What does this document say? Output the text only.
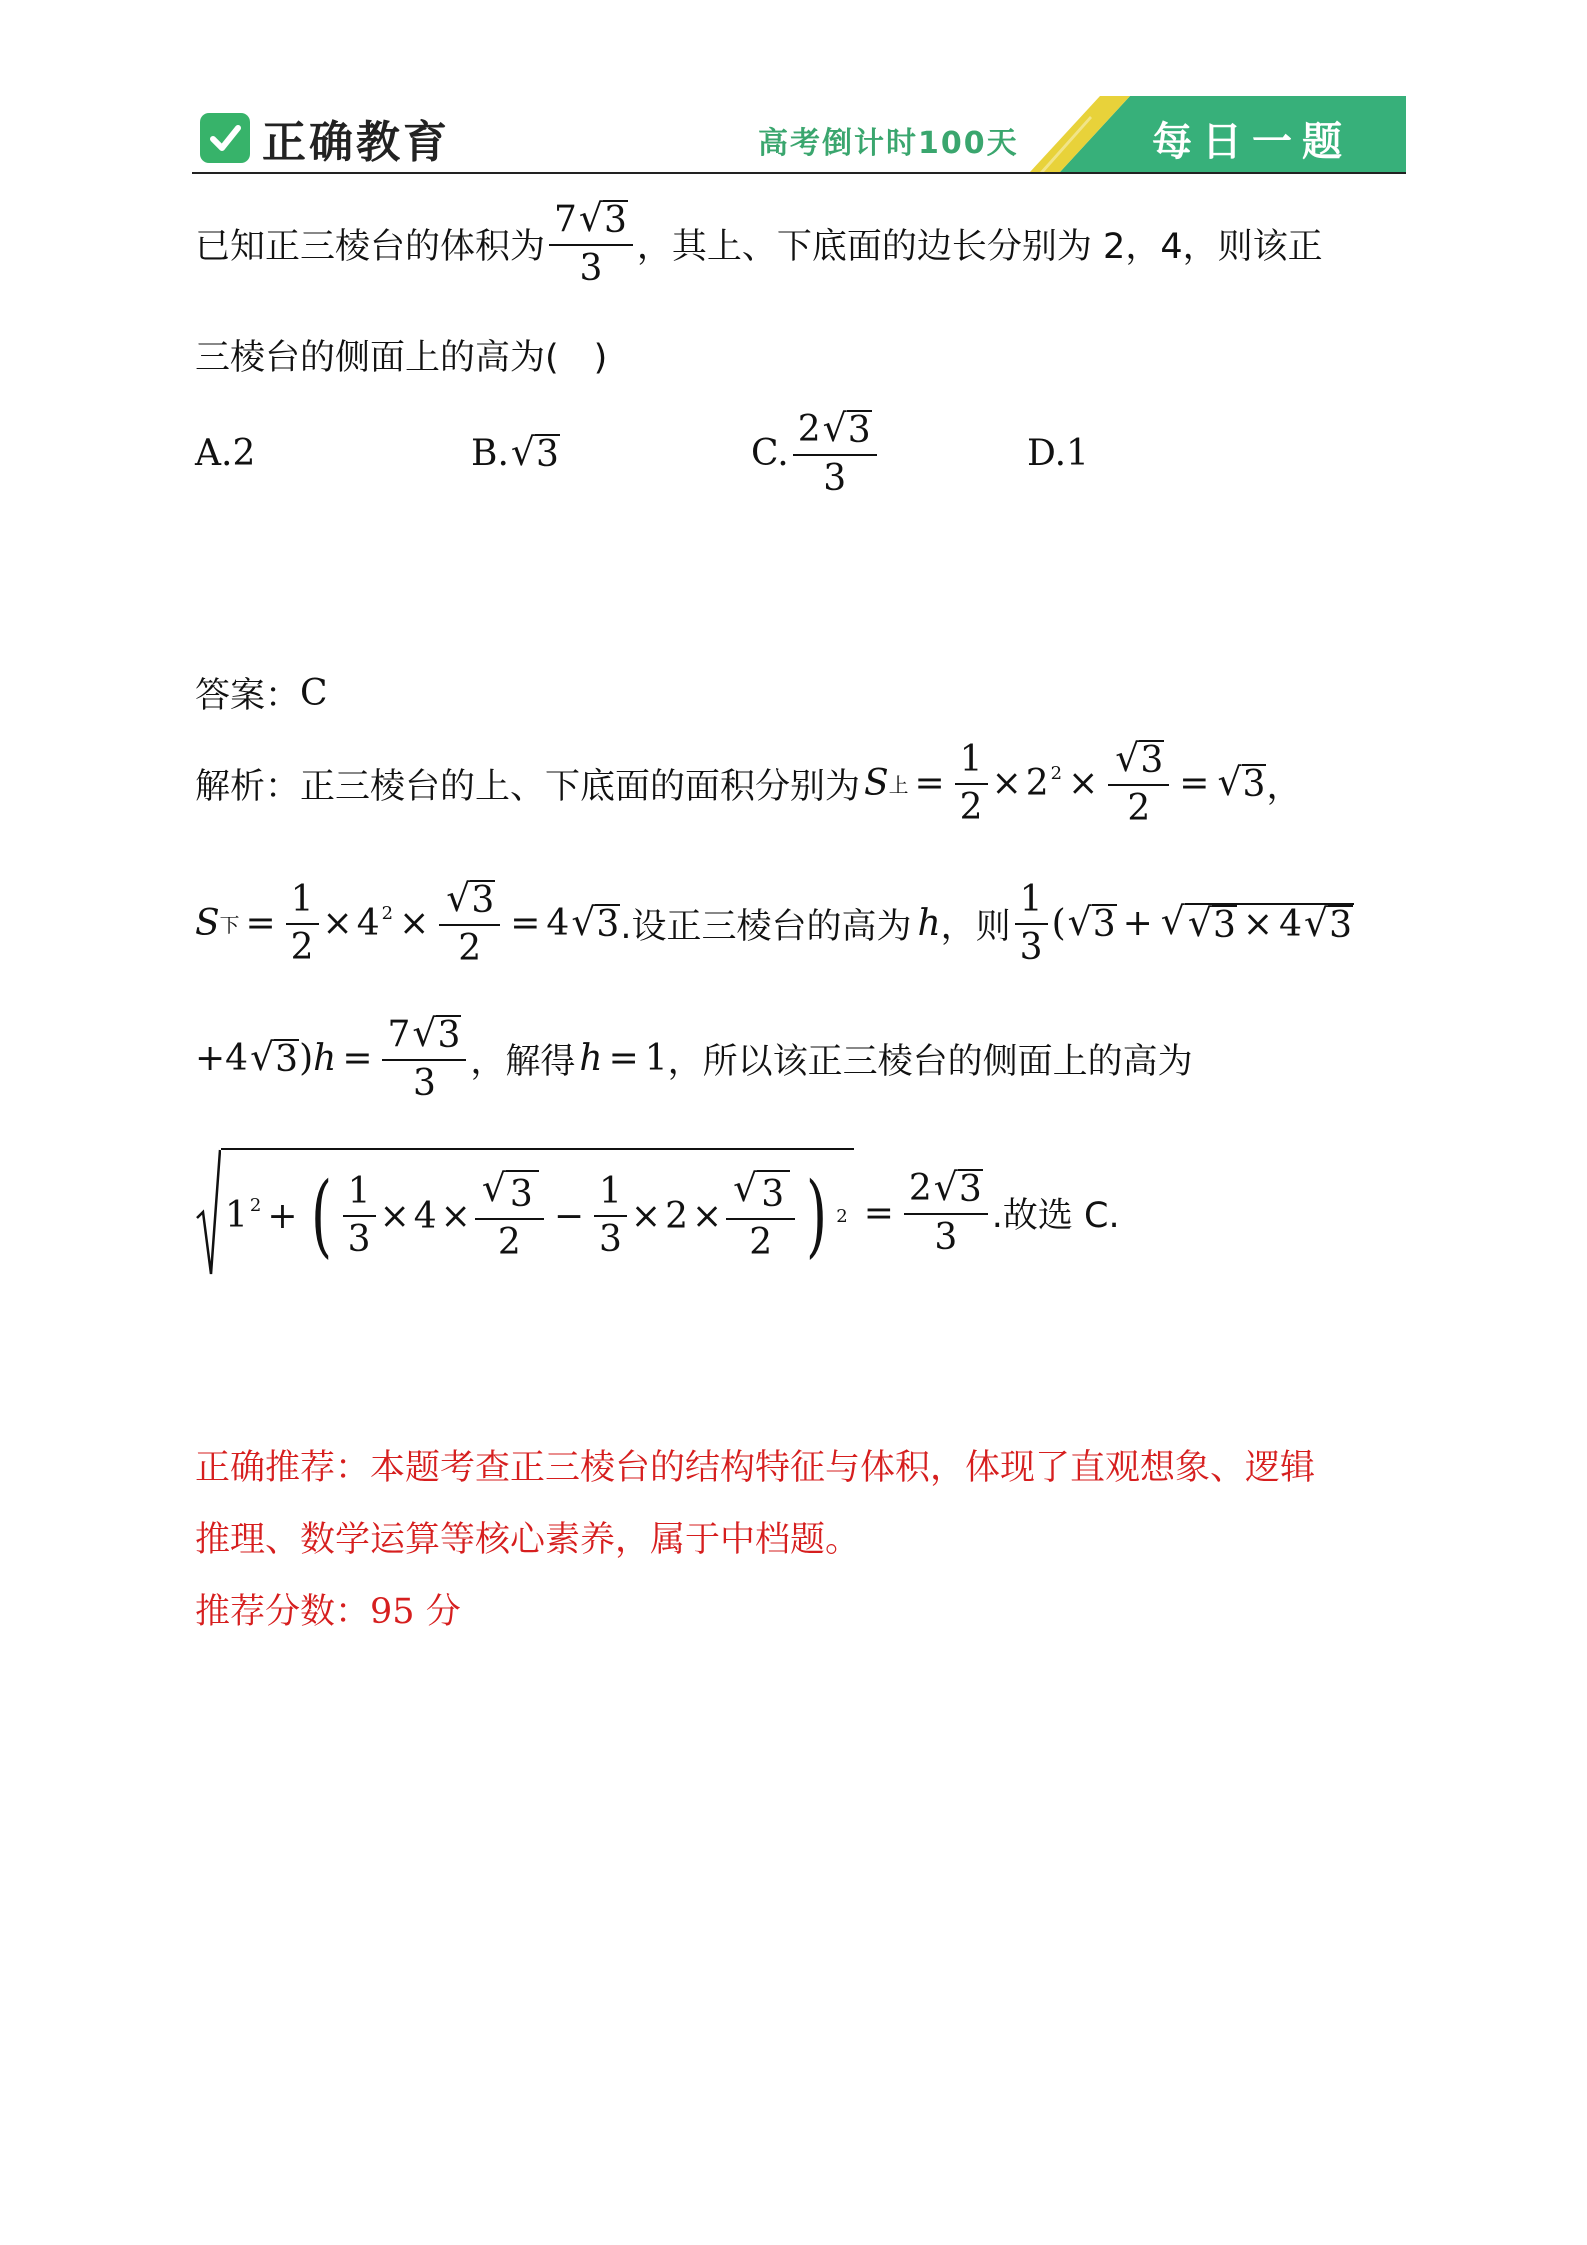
正确教育	高考倒计时100天	每日一题
已知正三棱台的体积为 $\frac{7 √ 3}{3}$ ，其上、下底面的边长分别为 2，4，则该正
三棱台的侧面上的高为(　)
A.2	B. √ 3	C. $\frac{2 √ 3}{3}$	D.1
答案： C
解析： 正三棱台的上、下底面的面积分别为 S 上 = $\frac{1}{2} \times 2$ $^2 \times \frac{√ 3}{2}$ = √ 3 ，
S 下 = $\frac{1}{2} \times 4$ $^2 \times \frac{√ 3}{2} = 4$ √ 3 .设正三棱台的高为 h ，则 $\frac{1}{3}$ ( √ 3 + √ √ 3 × 4 √ 3
+4 √ 3 ) $h = \frac{7 √ 3}{3}$ ，解得 h = 1 ，所以该正三棱台的侧面上的高为
1 $^2$ + ( $\frac{1}{3} \times 4 \times \frac{√ 3}{2} - \frac{1}{3} \times 2 \times \frac{√ 3}{2}$ ) $2 = \frac{2 √ 3}{3}$ .故选 C.
正确推荐：本题考查正三棱台的结构特征与体积，体现了直观想象、逻辑
推理、数学运算等核心素养，属于中档题。
推荐分数：95 分
